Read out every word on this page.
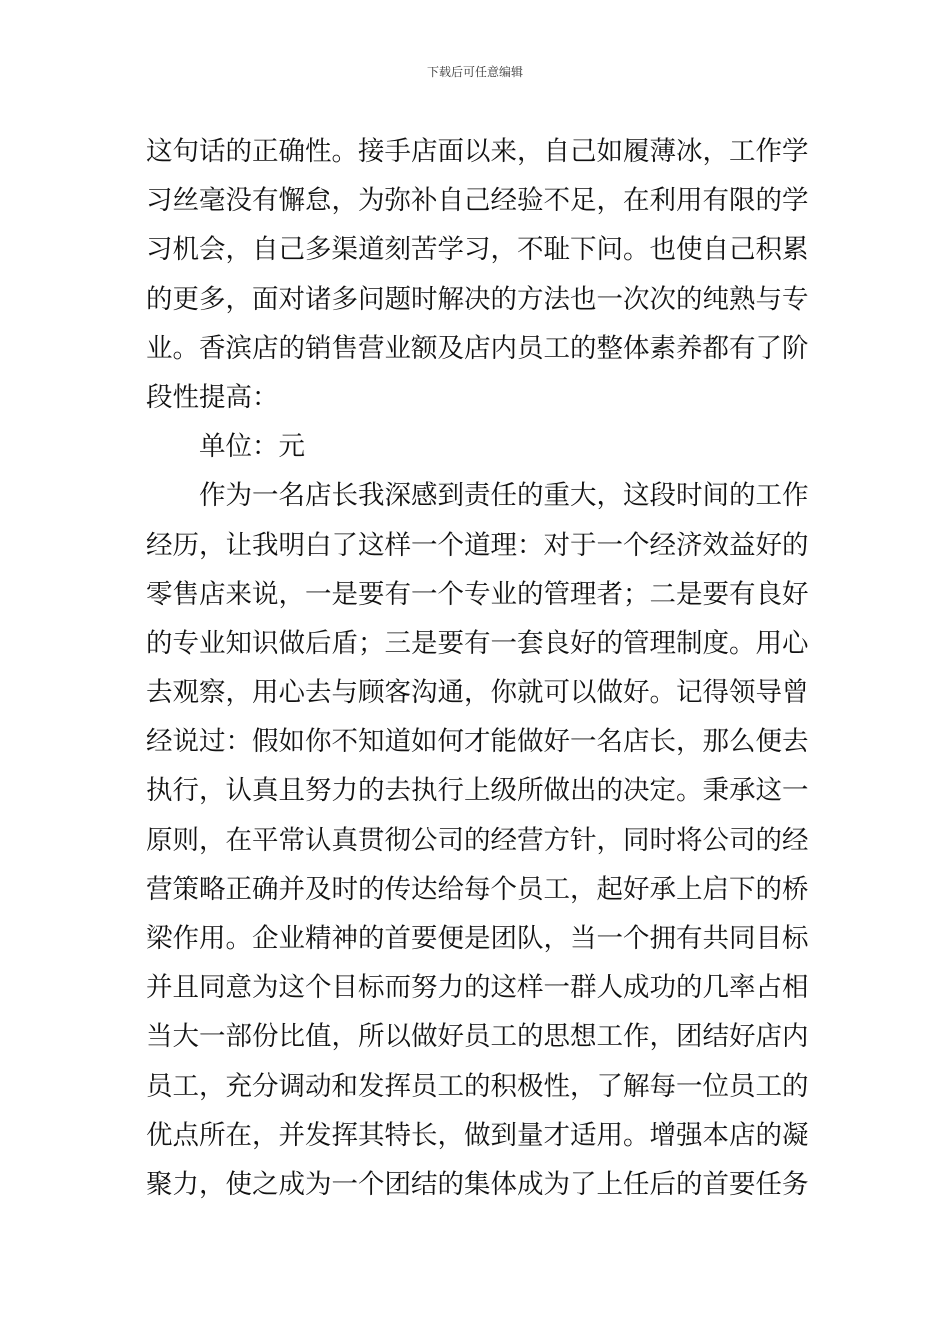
下载后可任意编辑
这句话的正确性。接手店面以来，自己如履薄冰，工作学
习丝毫没有懈怠，为弥补自己经验不足，在利用有限的学
习机会，自己多渠道刻苦学习，不耻下问。也使自己积累
的更多，面对诸多问题时解决的方法也一次次的纯熟与专
业。香滨店的销售营业额及店内员工的整体素养都有了阶
段性提高：
单位：元
作为一名店长我深感到责任的重大，这段时间的工作
经历，让我明白了这样一个道理：对于一个经济效益好的
零售店来说，一是要有一个专业的管理者；二是要有良好
的专业知识做后盾；三是要有一套良好的管理制度。用心
去观察，用心去与顾客沟通，你就可以做好。记得领导曾
经说过：假如你不知道如何才能做好一名店长，那么便去
执行，认真且努力的去执行上级所做出的决定。秉承这一
原则，在平常认真贯彻公司的经营方针，同时将公司的经
营策略正确并及时的传达给每个员工，起好承上启下的桥
梁作用。企业精神的首要便是团队，当一个拥有共同目标
并且同意为这个目标而努力的这样一群人成功的几率占相
当大一部份比值，所以做好员工的思想工作，团结好店内
员工，充分调动和发挥员工的积极性，了解每一位员工的
优点所在，并发挥其特长，做到量才适用。增强本店的凝
聚力，使之成为一个团结的集体成为了上任后的首要任务
